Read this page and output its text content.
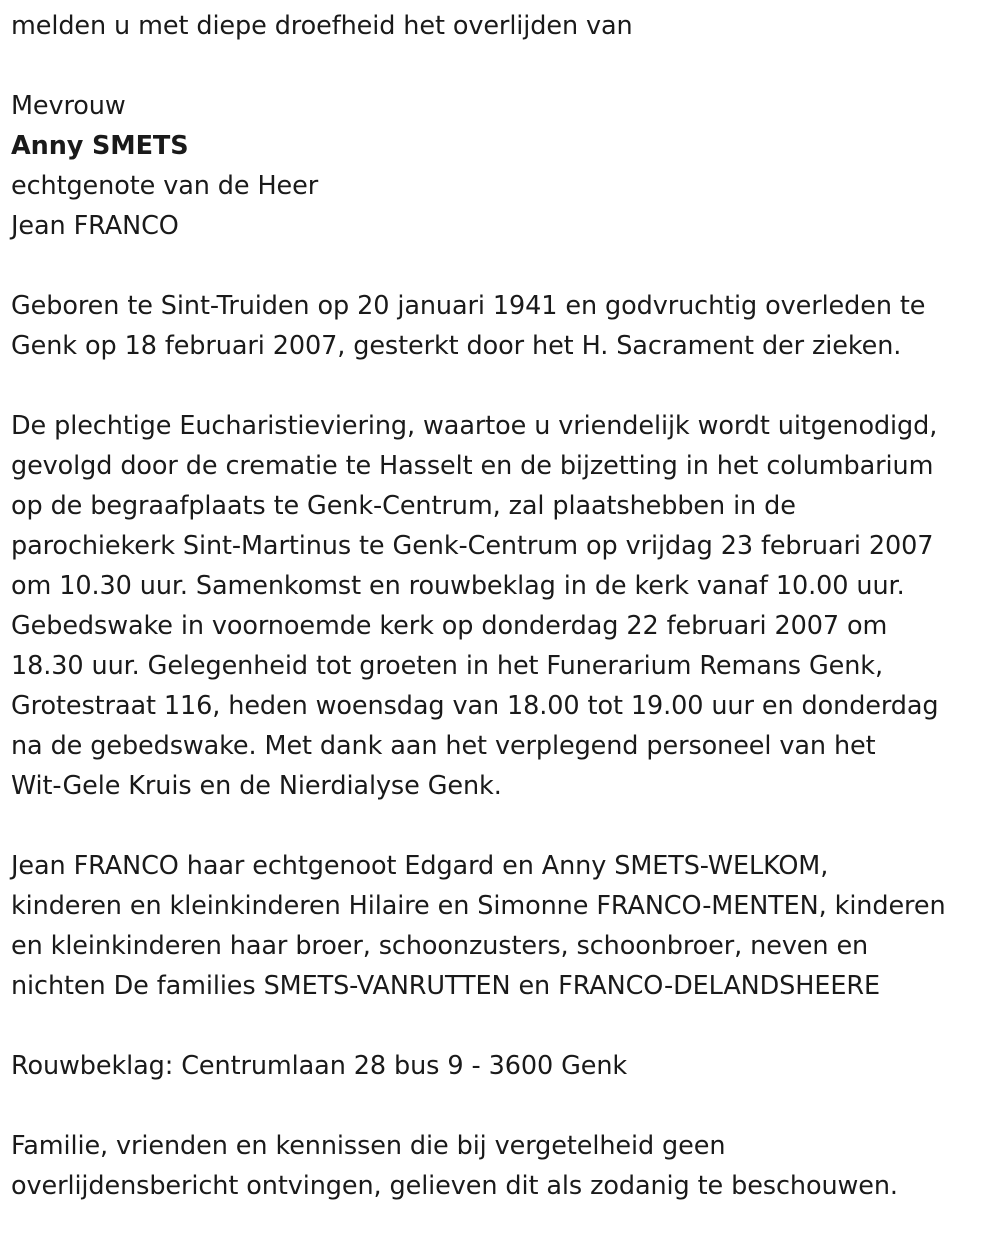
melden u met diepe droefheid het overlijden van
Mevrouw
Anny SMETS
echtgenote van de Heer
Jean FRANCO
Geboren te Sint-Truiden op 20 januari 1941 en godvruchtig overleden te
Genk op 18 februari 2007, gesterkt door het H. Sacrament der zieken.
De plechtige Eucharistieviering, waartoe u vriendelijk wordt uitgenodigd,
gevolgd door de crematie te Hasselt en de bijzetting in het columbarium
op de begraafplaats te Genk-Centrum, zal plaatshebben in de
parochiekerk Sint-Martinus te Genk-Centrum op vrijdag 23 februari 2007
om 10.30 uur. Samenkomst en rouwbeklag in de kerk vanaf 10.00 uur.
Gebedswake in voornoemde kerk op donderdag 22 februari 2007 om
18.30 uur. Gelegenheid tot groeten in het Funerarium Remans Genk,
Grotestraat 116, heden woensdag van 18.00 tot 19.00 uur en donderdag
na de gebedswake. Met dank aan het verplegend personeel van het
Wit-Gele Kruis en de Nierdialyse Genk.
Jean FRANCO haar echtgenoot Edgard en Anny SMETS-WELKOM,
kinderen en kleinkinderen Hilaire en Simonne FRANCO-MENTEN, kinderen
en kleinkinderen haar broer, schoonzusters, schoonbroer, neven en
nichten De families SMETS-VANRUTTEN en FRANCO-DELANDSHEERE
Rouwbeklag: Centrumlaan 28 bus 9 - 3600 Genk
Familie, vrienden en kennissen die bij vergetelheid geen
overlijdensbericht ontvingen, gelieven dit als zodanig te beschouwen.
